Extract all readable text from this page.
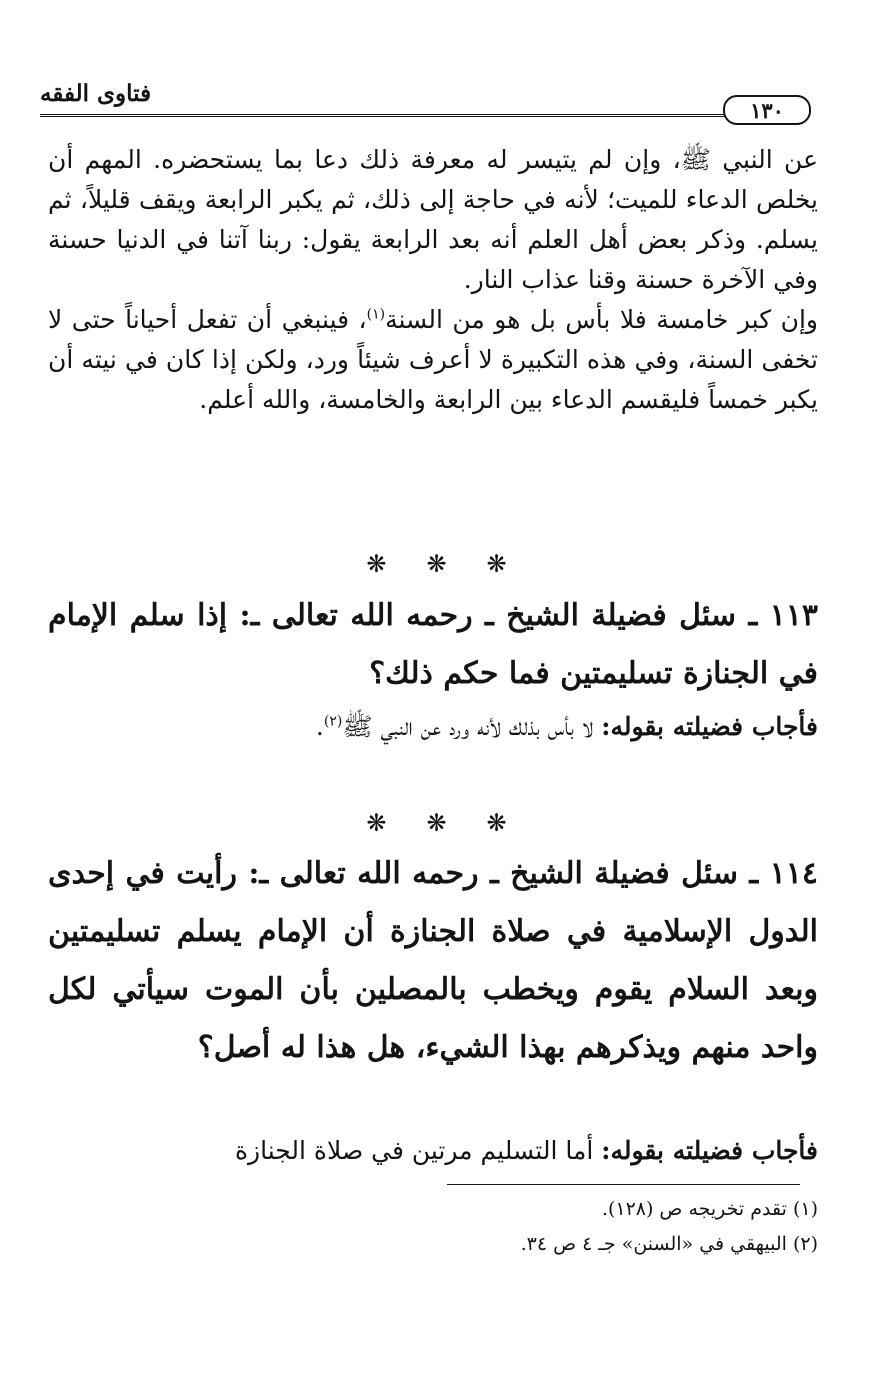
فتاوى الفقه
١٣٠

عن النبي ﷺ، وإن لم يتيسر له معرفة ذلك دعا بما يستحضره. المهم أن يخلص الدعاء للميت؛ لأنه في حاجة إلى ذلك، ثم يكبر الرابعة ويقف قليلاً، ثم يسلم. وذكر بعض أهل العلم أنه بعد الرابعة يقول: ربنا آتنا في الدنيا حسنة وفي الآخرة حسنة وقنا عذاب النار.

وإن كبر خامسة فلا بأس بل هو من السنة$^{(١)}$، فينبغي أن تفعل أحياناً حتى لا تخفى السنة، وفي هذه التكبيرة لا أعرف شيئاً ورد، ولكن إذا كان في نيته أن يكبر خمساً فليقسم الدعاء بين الرابعة والخامسة، والله أعلم.

❋ ❋ ❋

١١٣ ـ سئل فضيلة الشيخ ـ رحمه الله تعالى ـ: إذا سلم الإمام في الجنازة تسليمتين فما حكم ذلك؟

فأجاب فضيلته بقوله: لا بأس بذلك لأنه ورد عن النبي ﷺ$^{(٢)}$.

❋ ❋ ❋

١١٤ ـ سئل فضيلة الشيخ ـ رحمه الله تعالى ـ: رأيت في إحدى الدول الإسلامية في صلاة الجنازة أن الإمام يسلم تسليمتين وبعد السلام يقوم ويخطب بالمصلين بأن الموت سيأتي لكل واحد منهم ويذكرهم بهذا الشيء، هل هذا له أصل؟

فأجاب فضيلته بقوله: أما التسليم مرتين في صلاة الجنازة

(١) تقدم تخريجه ص (١٢٨).
(٢) البيهقي في «السنن» جـ ٤ ص ٣٤.
